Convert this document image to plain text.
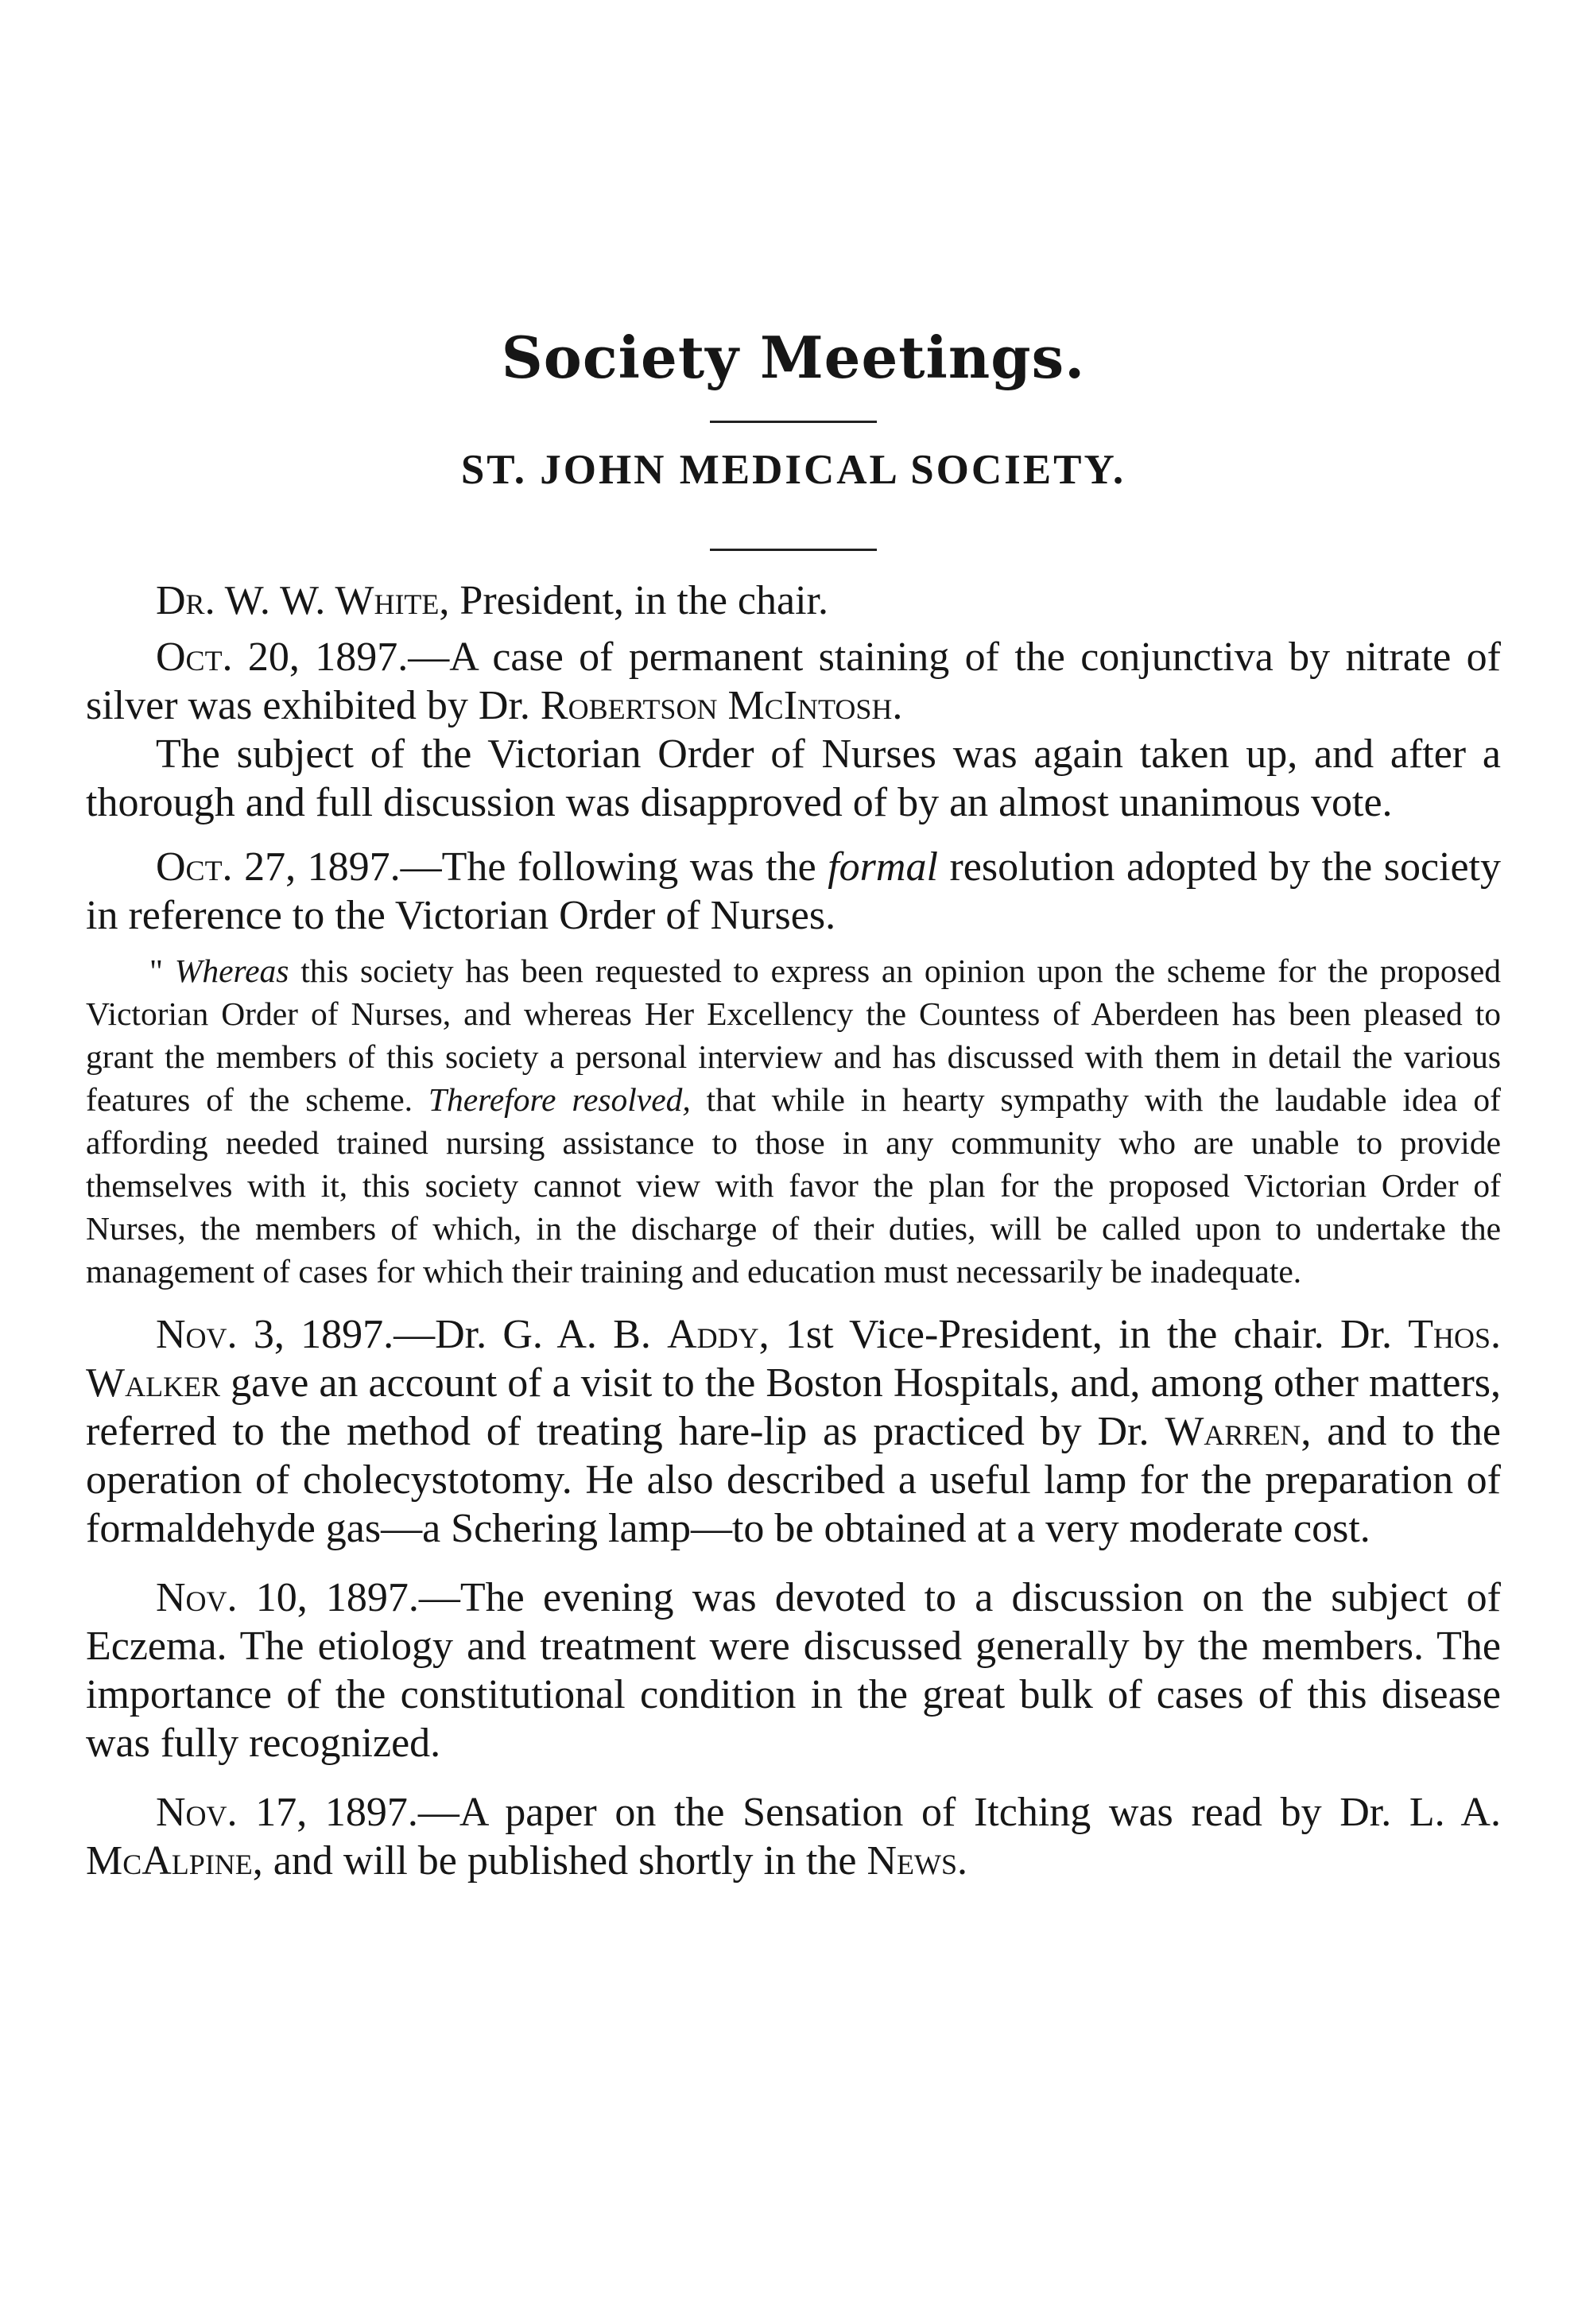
Society Meetings.
ST. JOHN MEDICAL SOCIETY.

Dr. W. W. White, President, in the chair.

Oct. 20, 1897.—A case of permanent staining of the conjunctiva by nitrate of silver was exhibited by Dr. Robertson McIntosh.

The subject of the Victorian Order of Nurses was again taken up, and after a thorough and full discussion was disapproved of by an almost unanimous vote.

Oct. 27, 1897.—The following was the formal resolution adopted by the society in reference to the Victorian Order of Nurses.

" Whereas this society has been requested to express an opinion upon the scheme for the proposed Victorian Order of Nurses, and whereas Her Excellency the Countess of Aberdeen has been pleased to grant the members of this society a personal interview and has discussed with them in detail the various features of the scheme. Therefore resolved, that while in hearty sympathy with the laudable idea of affording needed trained nursing assistance to those in any community who are unable to provide themselves with it, this society cannot view with favor the plan for the proposed Victorian Order of Nurses, the members of which, in the discharge of their duties, will be called upon to undertake the management of cases for which their training and education must necessarily be inadequate.

Nov. 3, 1897.—Dr. G. A. B. Addy, 1st Vice-President, in the chair. Dr. Thos. Walker gave an account of a visit to the Boston Hospitals, and, among other matters, referred to the method of treating hare-lip as practiced by Dr. Warren, and to the operation of cholecystotomy. He also described a useful lamp for the preparation of formaldehyde gas—a Schering lamp—to be obtained at a very moderate cost.

Nov. 10, 1897.—The evening was devoted to a discussion on the subject of Eczema. The etiology and treatment were discussed generally by the members. The importance of the constitutional condition in the great bulk of cases of this disease was fully recognized.

Nov. 17, 1897.—A paper on the Sensation of Itching was read by Dr. L. A. McAlpine, and will be published shortly in the News.
